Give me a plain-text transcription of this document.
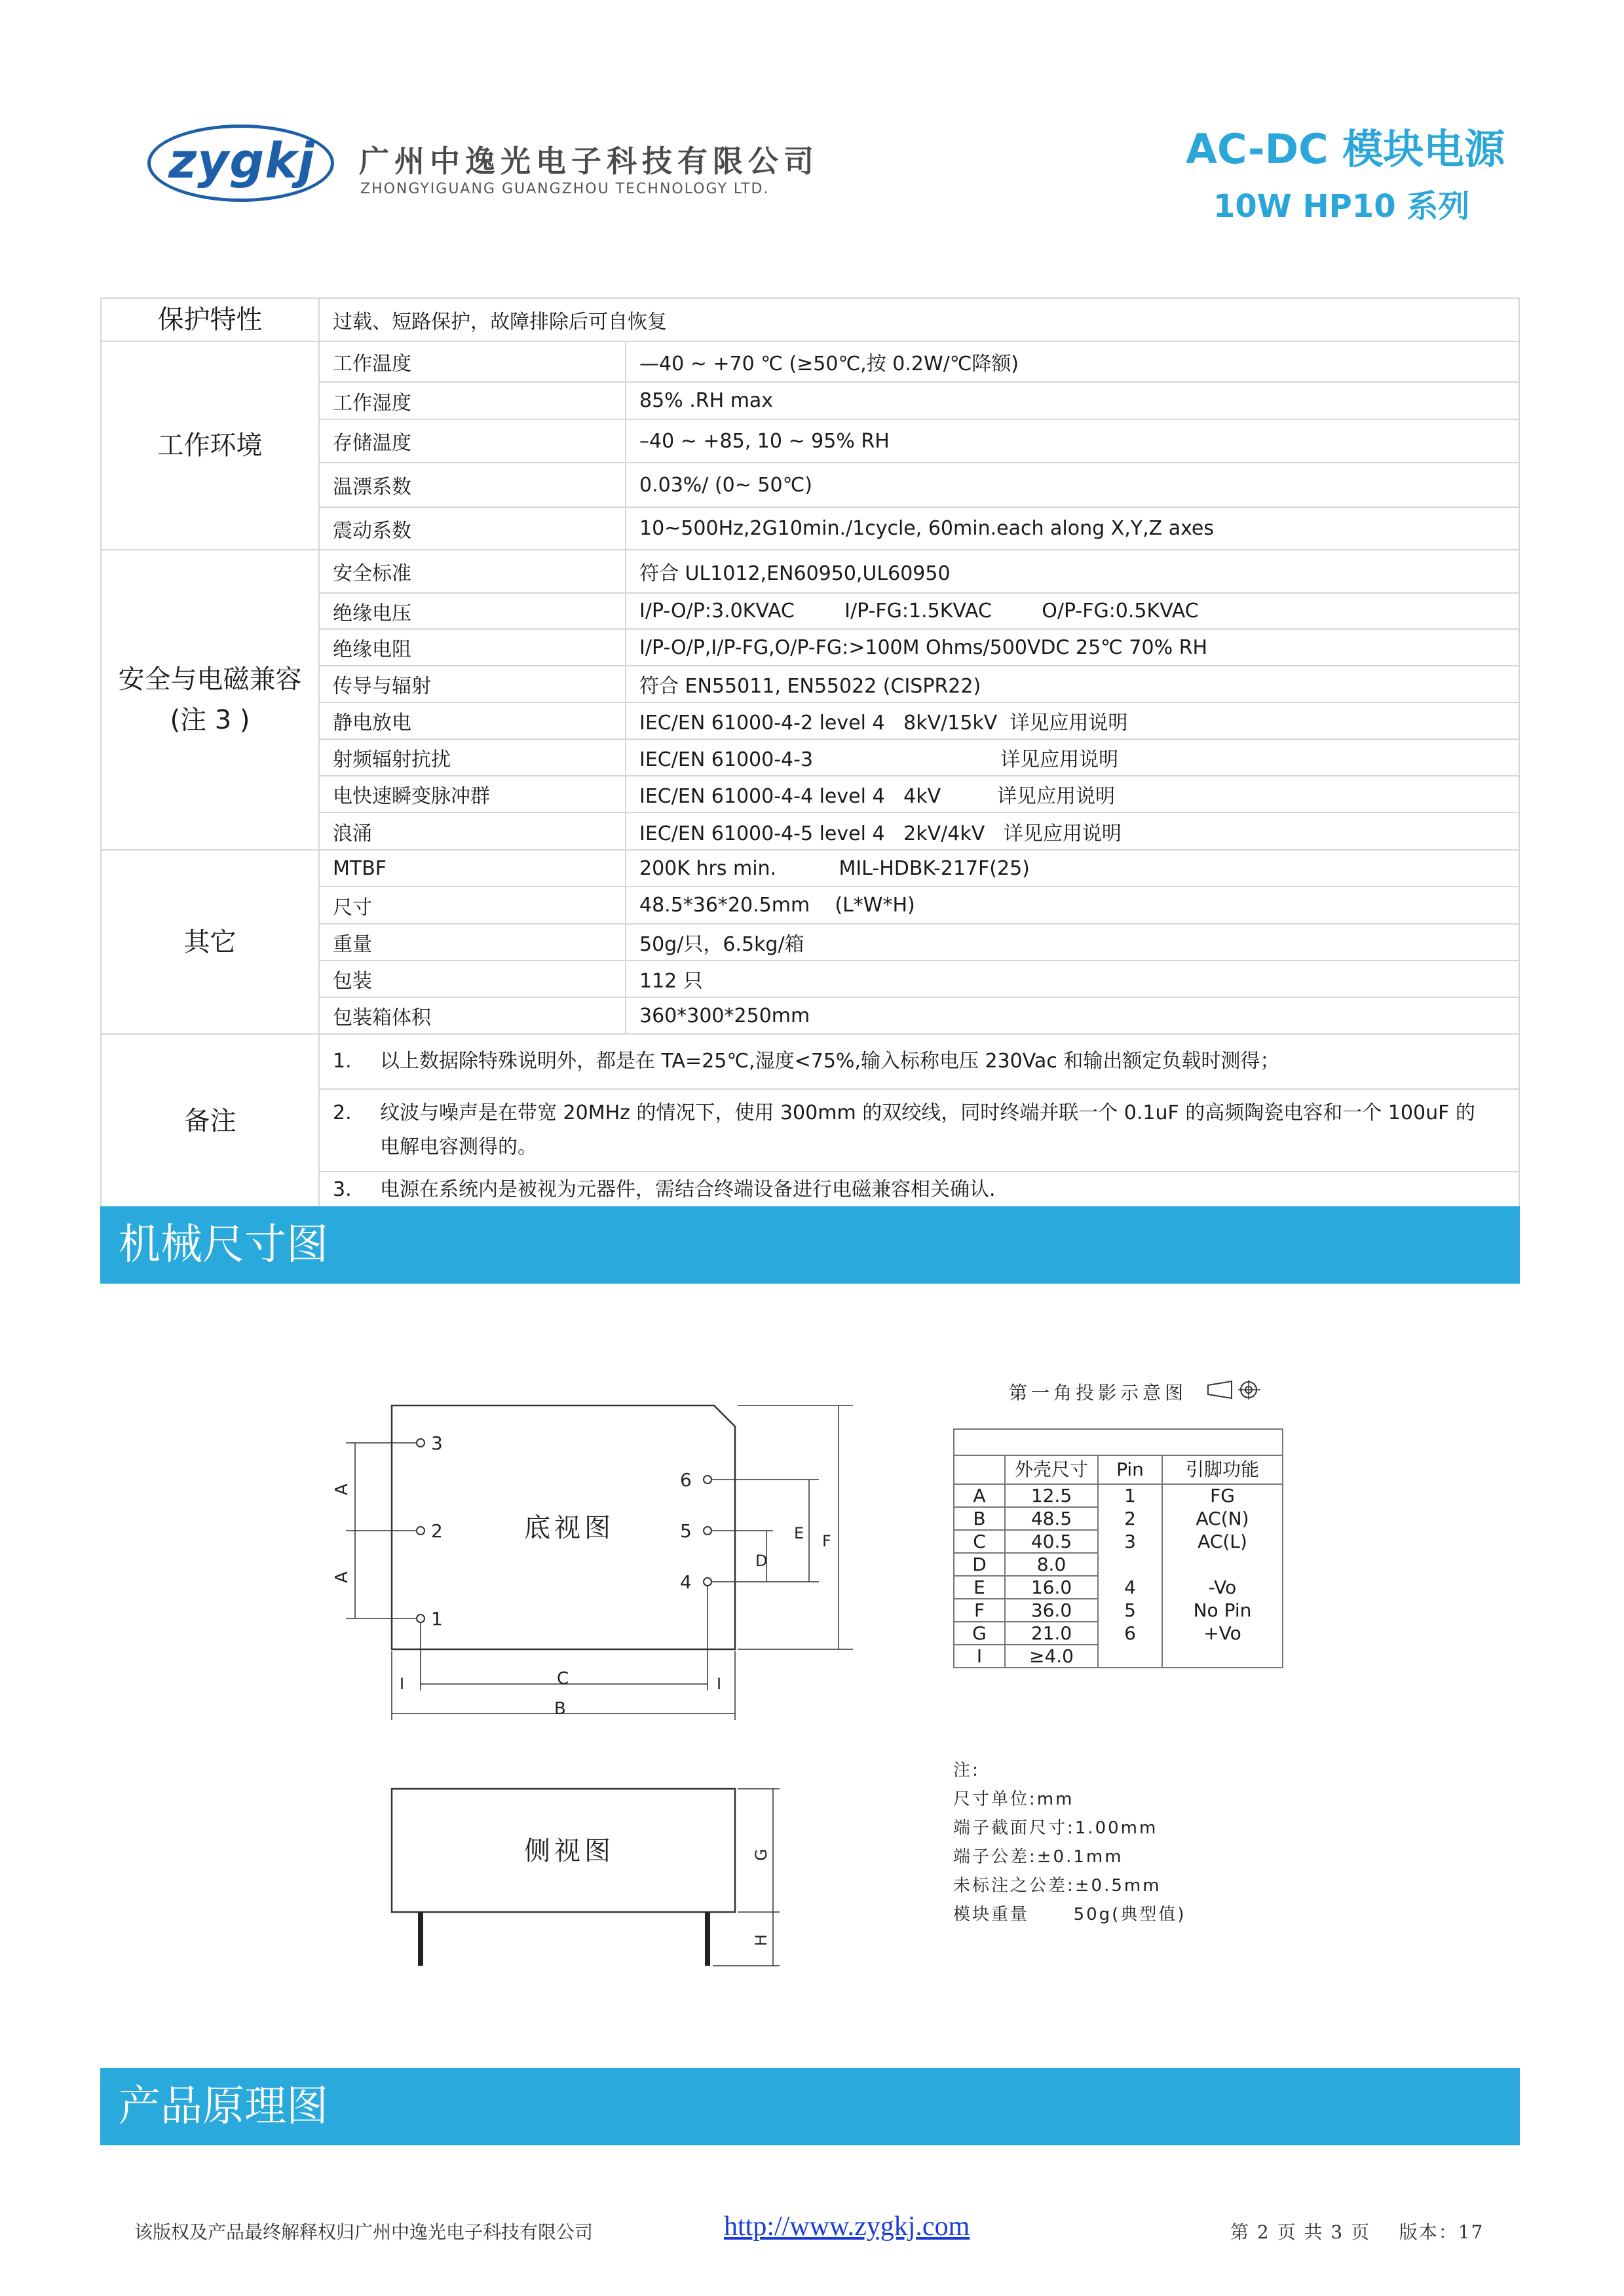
zygkj	广州中逸光电子科技有限公司
ZHONGYIGUANG GUANGZHOU TECHNOLOGY LTD.
AC-DC 模块电源
10W HP10 系列
保护特性	过载、短路保护，故障排除后可自恢复	
工作环境	工作温度	—40 ~ +70 ℃ (≥50℃,按 0.2W/℃降额)
	工作湿度	85% .RH max
	存储温度	–40 ~ +85, 10 ~ 95% RH
	温漂系数	0.03%/ (0~ 50℃)
	震动系数	10~500Hz,2G10min./1cycle, 60min.each along X,Y,Z axes
安全与电磁兼容(注 3 )	安全标准	符合 UL1012,EN60950,UL60950
	绝缘电压	I/P-O/P:3.0KVAC        I/P-FG:1.5KVAC        O/P-FG:0.5KVAC
	绝缘电阻	I/P-O/P,I/P-FG,O/P-FG:>100M Ohms/500VDC 25℃ 70% RH
	传导与辐射	符合 EN55011, EN55022 (CISPR22)
	静电放电	IEC/EN 61000-4-2 level 4   8kV/15kV  详见应用说明
	射频辐射抗扰	IEC/EN 61000-4-3                              详见应用说明
	电快速瞬变脉冲群	IEC/EN 61000-4-4 level 4   4kV         详见应用说明
	浪涌	IEC/EN 61000-4-5 level 4   2kV/4kV   详见应用说明
其它	MTBF	200K hrs min.          MIL-HDBK-217F(25)
	尺寸	48.5*36*20.5mm    (L*W*H)
	重量	50g/只，6.5kg/箱
	包装	112 只
	包装箱体积	360*300*250mm
备注	1. 以上数据除特殊说明外，都是在 TA=25℃,湿度<75%,输入标称电压 230Vac 和输出额定负载时测得；	
	2. 纹波与噪声是在带宽 20MHz 的情况下，使用 300mm 的双绞线，同时终端并联一个 0.1uF 的高频陶瓷电容和一个 100uF 的
电解电容测得的。	

	3. 电源在系统内是被视为元器件，需结合终端设备进行电磁兼容相关确认.	
机械尺寸图
底视图
3
2
1
6
5
4
A
A
D
E F
C
B
I	I
侧视图	G
H
第一角投影示意图

	外壳尺寸	Pin	引脚功能
A	12.5	1	FG
B	48.5	2	AC(N)
C	40.5	3	AC(L)
D	8.0		
E	16.0	4	-Vo
F	36.0	5	No Pin
G	21.0	6	+Vo
I	≥4.0		
注:
尺寸单位:mm
端子截面尺寸:1.00mm
端子公差:±0.1mm
未标注之公差:±0.5mm
模块重量      50g(典型值)
产品原理图
该版权及产品最终解释权归广州中逸光电子科技有限公司	http://www.zygkj.com	第 2 页 共 3 页    版本：17
